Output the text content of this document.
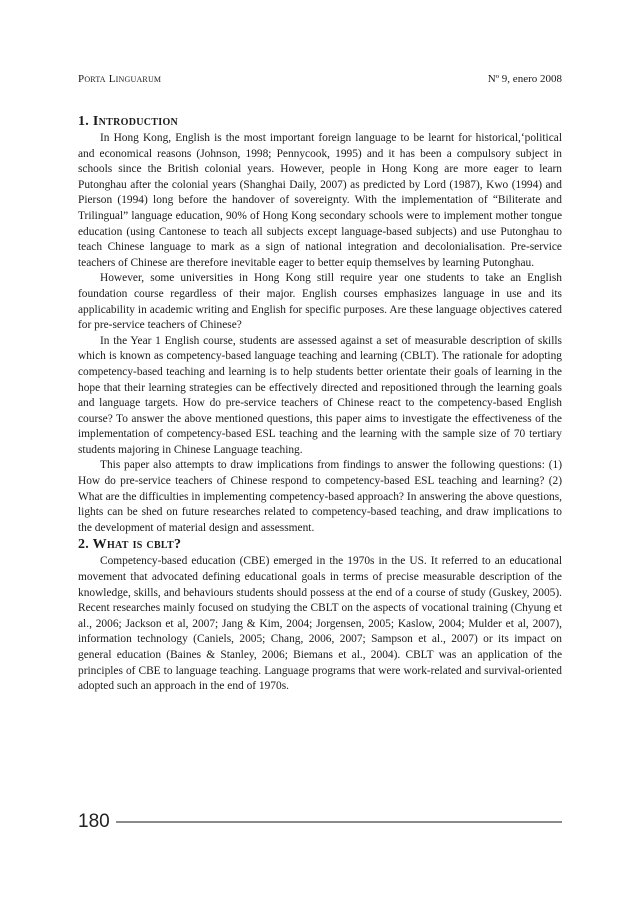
Porta Linguarum	Nº 9, enero 2008
1. Introduction

In Hong Kong, English is the most important foreign language to be learnt for historical,‘political and economical reasons (Johnson, 1998; Pennycook, 1995) and it has been a compulsory subject in schools since the British colonial years. However, people in Hong Kong are more eager to learn Putonghau after the colonial years (Shanghai Daily, 2007) as predicted by Lord (1987), Kwo (1994) and Pierson (1994) long before the handover of sovereignty. With the implementation of “Biliterate and Trilingual” language education, 90% of Hong Kong secondary schools were to implement mother tongue education (using Cantonese to teach all subjects except language-based subjects) and use Putonghau to teach Chinese language to mark as a sign of national integration and decolonialisation. Pre-service teachers of Chinese are therefore inevitable eager to better equip themselves by learning Putonghau.

However, some universities in Hong Kong still require year one students to take an English foundation course regardless of their major. English courses emphasizes language in use and its applicability in academic writing and English for specific purposes. Are these language objectives catered for pre-service teachers of Chinese?

In the Year 1 English course, students are assessed against a set of measurable description of skills which is known as competency-based language teaching and learning (CBLT). The rationale for adopting competency-based teaching and learning is to help students better orientate their goals of learning in the hope that their learning strategies can be effectively directed and repositioned through the learning goals and language targets. How do pre-service teachers of Chinese react to the competency-based English course? To answer the above mentioned questions, this paper aims to investigate the effectiveness of the implementation of competency-based ESL teaching and the learning with the sample size of 70 tertiary students majoring in Chinese Language teaching.

This paper also attempts to draw implications from findings to answer the following questions: (1) How do pre-service teachers of Chinese respond to competency-based ESL teaching and learning? (2) What are the difficulties in implementing competency-based approach? In answering the above questions, lights can be shed on future researches related to competency-based teaching, and draw implications to the development of material design and assessment.

2. What is cblt?

Competency-based education (CBE) emerged in the 1970s in the US. It referred to an educational movement that advocated defining educational goals in terms of precise measurable description of the knowledge, skills, and behaviours students should possess at the end of a course of study (Guskey, 2005). Recent researches mainly focused on studying the CBLT on the aspects of vocational training (Chyung et al., 2006; Jackson et al, 2007; Jang & Kim, 2004; Jorgensen, 2005; Kaslow, 2004; Mulder et al, 2007), information technology (Caniels, 2005; Chang, 2006, 2007; Sampson et al., 2007) or its impact on general education (Baines & Stanley, 2006; Biemans et al., 2004). CBLT was an application of the principles of CBE to language teaching. Language programs that were work-related and survival-oriented adopted such an approach in the end of 1970s.

180
